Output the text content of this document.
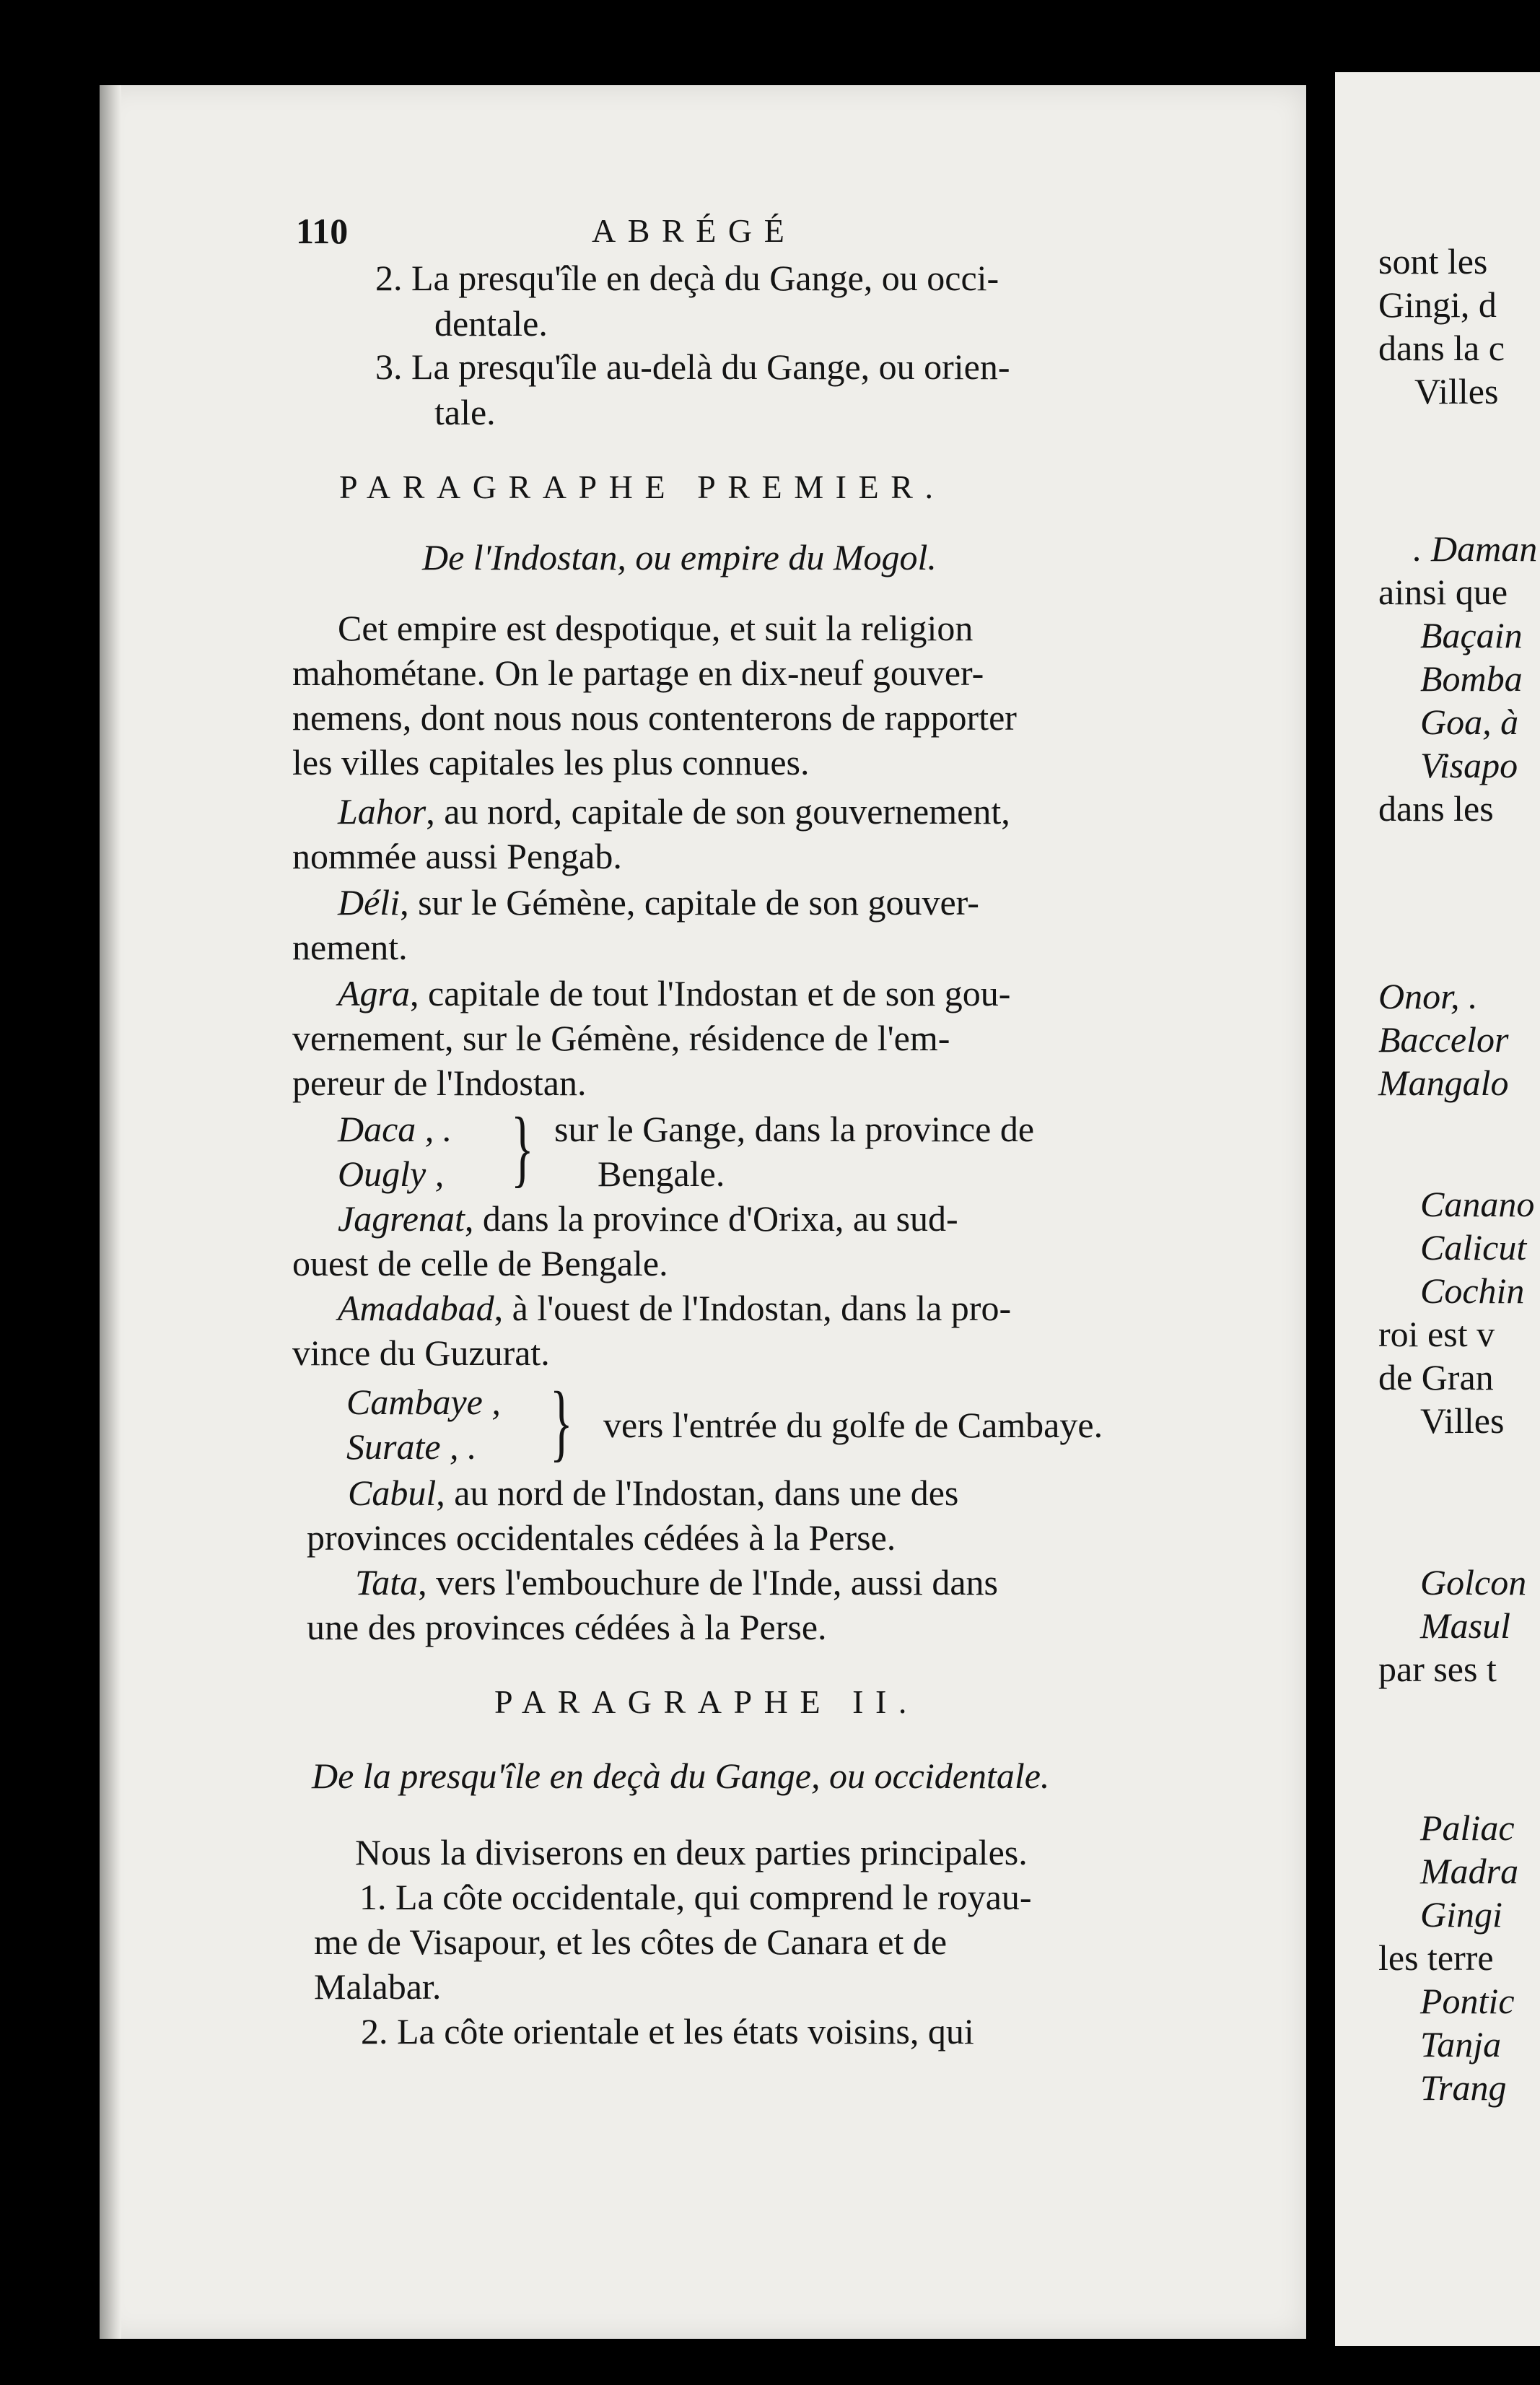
110	ABRÉGÉ
2. La presqu'île en deçà du Gange, ou occi-
dentale.
3. La presqu'île au-delà du Gange, ou orien-
tale.
PARAGRAPHE PREMIER.
De l'Indostan, ou empire du Mogol.
Cet empire est despotique, et suit la religion
mahométane. On le partage en dix-neuf gouver-
nemens, dont nous nous contenterons de rapporter
les villes capitales les plus connues.
Lahor, au nord, capitale de son gouvernement,
nommée aussi Pengab.
Déli, sur le Gémène, capitale de son gouver-
nement.
Agra, capitale de tout l'Indostan et de son gou-
vernement, sur le Gémène, résidence de l'em-
pereur de l'Indostan.
Daca , .
Ougly , } sur le Gange, dans la province de
Bengale.
Jagrenat, dans la province d'Orixa, au sud-
ouest de celle de Bengale.
Amadabad, à l'ouest de l'Indostan, dans la pro-
vince du Guzurat.
Cambaye ,
Surate , . } vers l'entrée du golfe de Cambaye.
Cabul, au nord de l'Indostan, dans une des
provinces occidentales cédées à la Perse.
Tata, vers l'embouchure de l'Inde, aussi dans
une des provinces cédées à la Perse.
PARAGRAPHE II.
De la presqu'île en deçà du Gange, ou occidentale.
Nous la diviserons en deux parties principales.
1. La côte occidentale, qui comprend le royau-
me de Visapour, et les côtes de Canara et de
Malabar.
2. La côte orientale et les états voisins, qui
sont les
Gingi, d
dans la c
Villes
. Daman
ainsi que
Baçain
Bomba
Goa, à
Visapo
dans les
Onor, .
Baccelor
Mangalo
Canano
Calicut
Cochin
roi est v
de Gran
Villes
Golcon
Masul
par ses t
Paliac
Madra
Gingi
les terre
Pontic
Tanja
Trang
